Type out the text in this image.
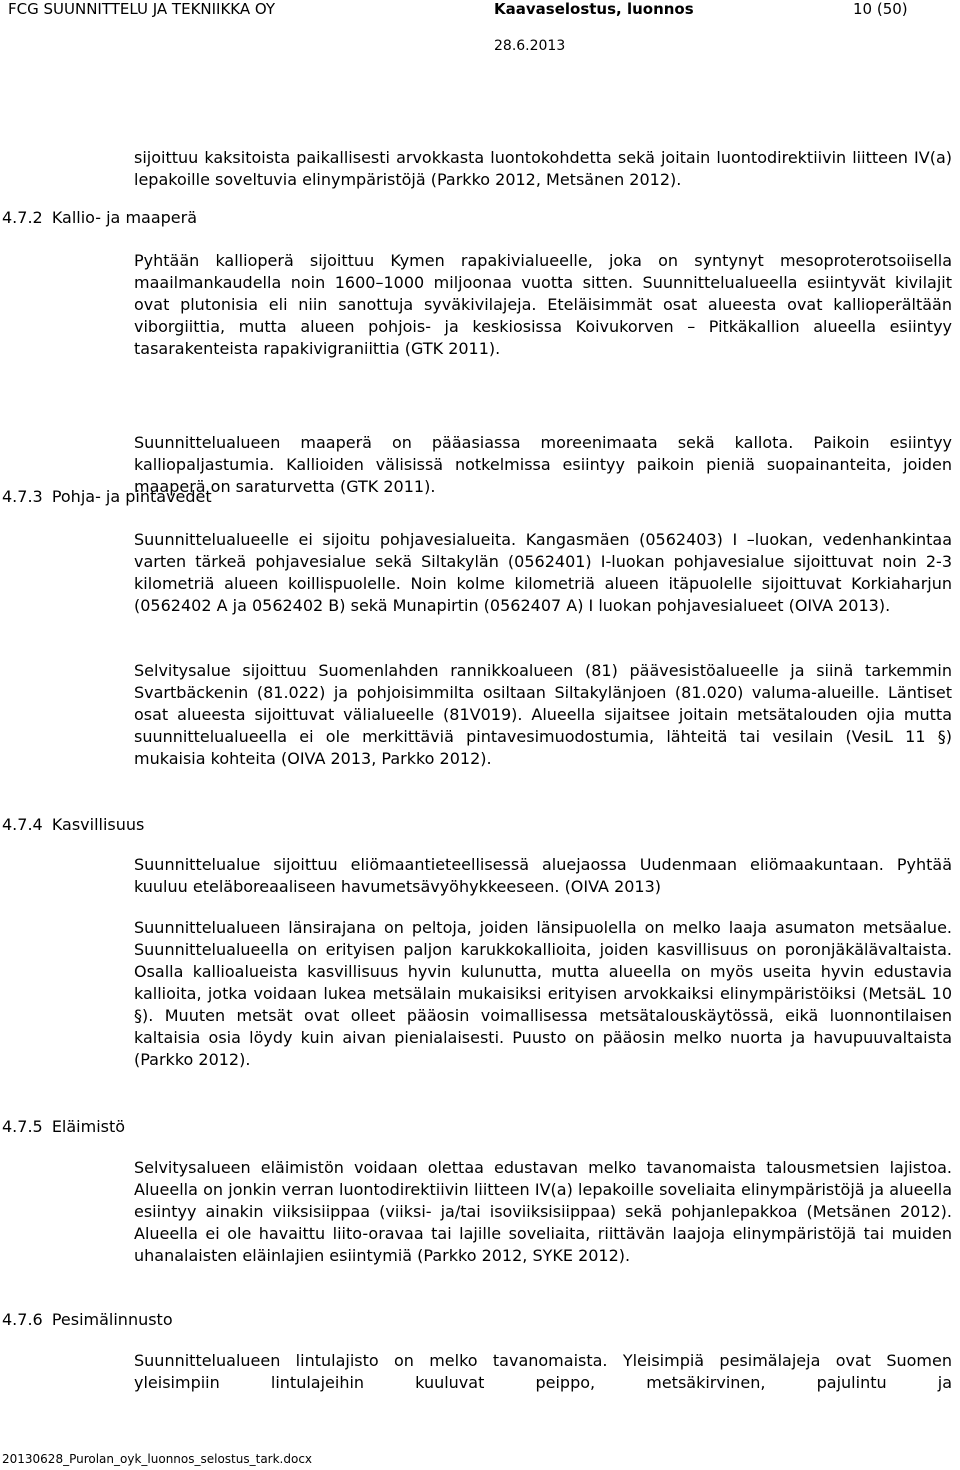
FCG SUUNNITTELU JA TEKNIIKKA OY	Kaavaselostus, luonnos	10 (50)
28.6.2013

sijoittuu kaksitoista paikallisesti arvokkasta luontokohdetta sekä joitain luontodirektiivin liitteen IV(a) lepakoille soveltuvia elinympäristöjä (Parkko 2012, Metsänen 2012).

4.7.2 Kallio- ja maaperä

Pyhtään kallioperä sijoittuu Kymen rapakivialueelle, joka on syntynyt mesoproterotsoiisella maailmankaudella noin 1600–1000 miljoonaa vuotta sitten. Suunnittelualueella esiintyvät kivilajit ovat plutonisia eli niin sanottuja syväkivilajeja. Eteläisimmät osat alueesta ovat kallioperältään viborgiittia, mutta alueen pohjois- ja keskiosissa Koivukorven – Pitkäkallion alueella esiintyy tasarakenteista rapakivigraniittia (GTK 2011).

Suunnittelualueen maaperä on pääasiassa moreenimaata sekä kallota. Paikoin esiintyy kalliopaljastumia. Kallioiden välisissä notkelmissa esiintyy paikoin pieniä suopainanteita, joiden maaperä on saraturvetta (GTK 2011).

4.7.3 Pohja- ja pintavedet

Suunnittelualueelle ei sijoitu pohjavesialueita. Kangasmäen (0562403) I –luokan, vedenhankintaa varten tärkeä pohjavesialue sekä Siltakylän (0562401) I-luokan pohjavesialue sijoittuvat noin 2-3 kilometriä alueen koillispuolelle. Noin kolme kilometriä alueen itäpuolelle sijoittuvat Korkiaharjun (0562402 A ja 0562402 B) sekä Munapirtin (0562407 A) I luokan pohjavesialueet (OIVA 2013).

Selvitysalue sijoittuu Suomenlahden rannikkoalueen (81) päävesistöalueelle ja siinä tarkemmin Svartbäckenin (81.022) ja pohjoisimmilta osiltaan Siltakylänjoen (81.020) valuma-alueille. Läntiset osat alueesta sijoittuvat välialueelle (81V019). Alueella sijaitsee joitain metsätalouden ojia mutta suunnittelualueella ei ole merkittäviä pintavesimuodostumia, lähteitä tai vesilain (VesiL 11 §) mukaisia kohteita (OIVA 2013, Parkko 2012).

4.7.4 Kasvillisuus

Suunnittelualue sijoittuu eliömaantieteellisessä aluejaossa Uudenmaan eliömaakuntaan. Pyhtää kuuluu eteläboreaaliseen havumetsävyöhykkeeseen. (OIVA 2013)

Suunnittelualueen länsirajana on peltoja, joiden länsipuolella on melko laaja asumaton metsäalue. Suunnittelualueella on erityisen paljon karukkokallioita, joiden kasvillisuus on poronjäkälävaltaista. Osalla kallioalueista kasvillisuus hyvin kulunutta, mutta alueella on myös useita hyvin edustavia kallioita, jotka voidaan lukea metsälain mukaisiksi erityisen arvokkaiksi elinympäristöiksi (MetsäL 10 §). Muuten metsät ovat olleet pääosin voimallisessa metsätalouskäytössä, eikä luonnontilaisen kaltaisia osia löydy kuin aivan pienialaisesti. Puusto on pääosin melko nuorta ja havupuuvaltaista (Parkko 2012).

4.7.5 Eläimistö

Selvitysalueen eläimistön voidaan olettaa edustavan melko tavanomaista talousmetsien lajistoa. Alueella on jonkin verran luontodirektiivin liitteen IV(a) lepakoille soveliaita elinympäristöjä ja alueella esiintyy ainakin viiksisiippaa (viiksi- ja/tai isoviiksisiippaa) sekä pohjanlepakkoa (Metsänen 2012). Alueella ei ole havaittu liito-oravaa tai lajille soveliaita, riittävän laajoja elinympäristöjä tai muiden uhanalaisten eläinlajien esiintymiä (Parkko 2012, SYKE 2012).

4.7.6 Pesimälinnusto

Suunnittelualueen lintulajisto on melko tavanomaista. Yleisimpiä pesimälajeja ovat Suomen yleisimpiin lintulajeihin kuuluvat peippo, metsäkirvinen, pajulintu ja

20130628_Purolan_oyk_luonnos_selostus_tark.docx
